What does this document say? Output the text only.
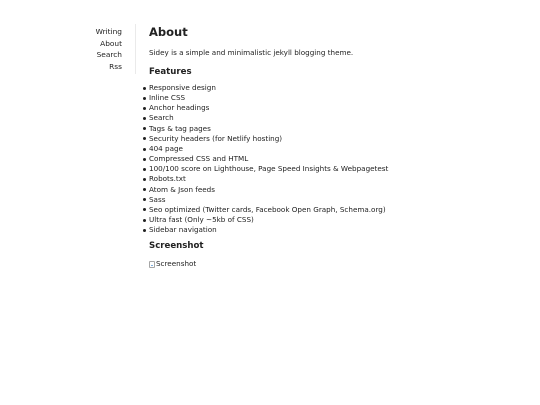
Writing
About
Search
Rss
About

Sidey is a simple and minimalistic jekyll blogging theme.

Features
Responsive design
Inline CSS
Anchor headings
Search
Tags & tag pages
Security headers (for Netlify hosting)
404 page
Compressed CSS and HTML
100/100 score on Lighthouse, Page Speed Insights & Webpagetest
Robots.txt
Atom & Json feeds
Sass
Seo optimized (Twitter cards, Facebook Open Graph, Schema.org)
Ultra fast (Only ~5kb of CSS)
Sidebar navigation
Screenshot
Screenshot
